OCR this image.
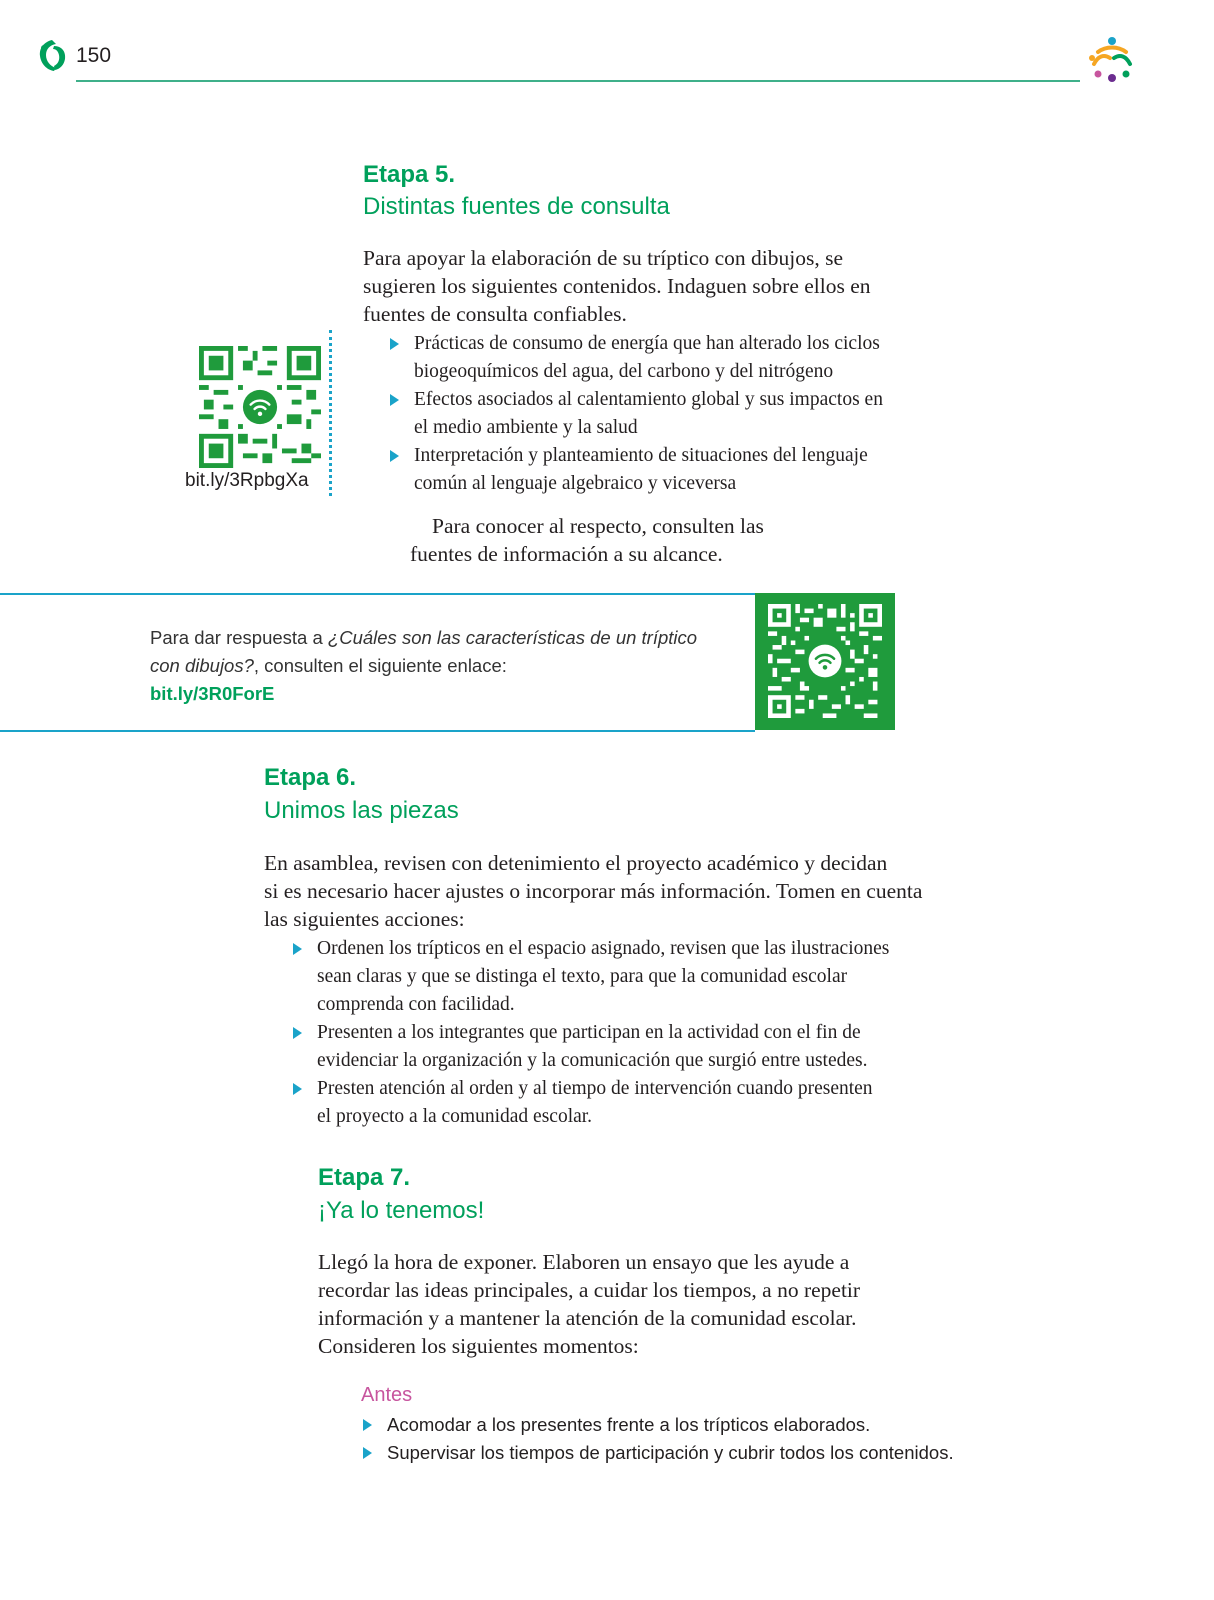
150
Etapa 5.
Distintas fuentes de consulta
Para apoyar la elaboración de su tríptico con dibujos, se
sugieren los siguientes contenidos. Indaguen sobre ellos en
fuentes de consulta confiables.
Prácticas de consumo de energía que han alterado los ciclos
biogeoquímicos del agua, del carbono y del nitrógeno
Efectos asociados al calentamiento global y sus impactos en
el medio ambiente y la salud
Interpretación y planteamiento de situaciones del lenguaje
común al lenguaje algebraico y viceversa
Para conocer al respecto, consulten las
fuentes de información a su alcance.
bit.ly/3RpbgXa
Para dar respuesta a ¿Cuáles son las características de un tríptico
con dibujos?, consulten el siguiente enlace:
bit.ly/3R0ForE
Etapa 6.
Unimos las piezas
En asamblea, revisen con detenimiento el proyecto académico y decidan
si es necesario hacer ajustes o incorporar más información. Tomen en cuenta
las siguientes acciones:
Ordenen los trípticos en el espacio asignado, revisen que las ilustraciones
sean claras y que se distinga el texto, para que la comunidad escolar
comprenda con facilidad.
Presenten a los integrantes que participan en la actividad con el fin de
evidenciar la organización y la comunicación que surgió entre ustedes.
Presten atención al orden y al tiempo de intervención cuando presenten
el proyecto a la comunidad escolar.
Etapa 7.
¡Ya lo tenemos!
Llegó la hora de exponer. Elaboren un ensayo que les ayude a
recordar las ideas principales, a cuidar los tiempos, a no repetir
información y a mantener la atención de la comunidad escolar.
Consideren los siguientes momentos:
Antes
Acomodar a los presentes frente a los trípticos elaborados.
Supervisar los tiempos de participación y cubrir todos los contenidos.
